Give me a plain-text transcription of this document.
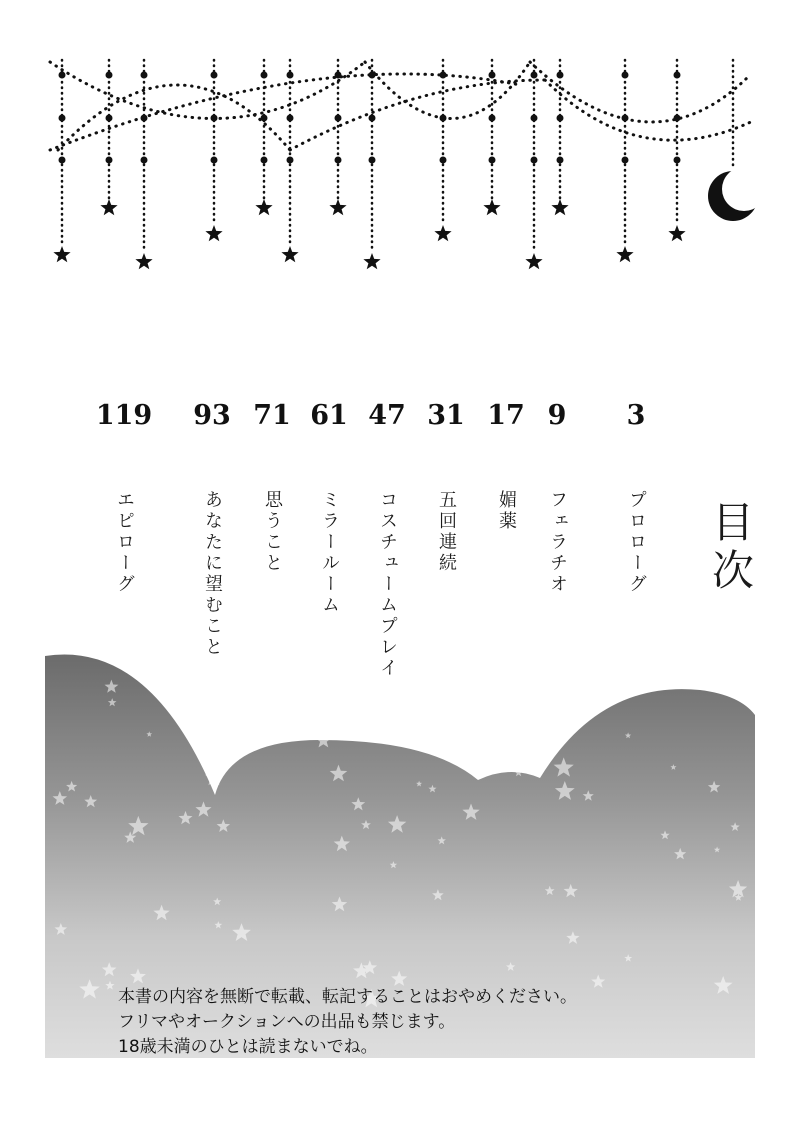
目次
3
9
17
31
47
61
71
93
119
プロローグ
フェラチオ
媚薬
五回連続
コスチュームプレイ
ミラールーム
思うこと
あなたに望むこと
エピローグ
本書の内容を無断で転載、転記することはおやめください。
フリマやオークションへの出品も禁じます。
18歳未満のひとは読まないでね。
